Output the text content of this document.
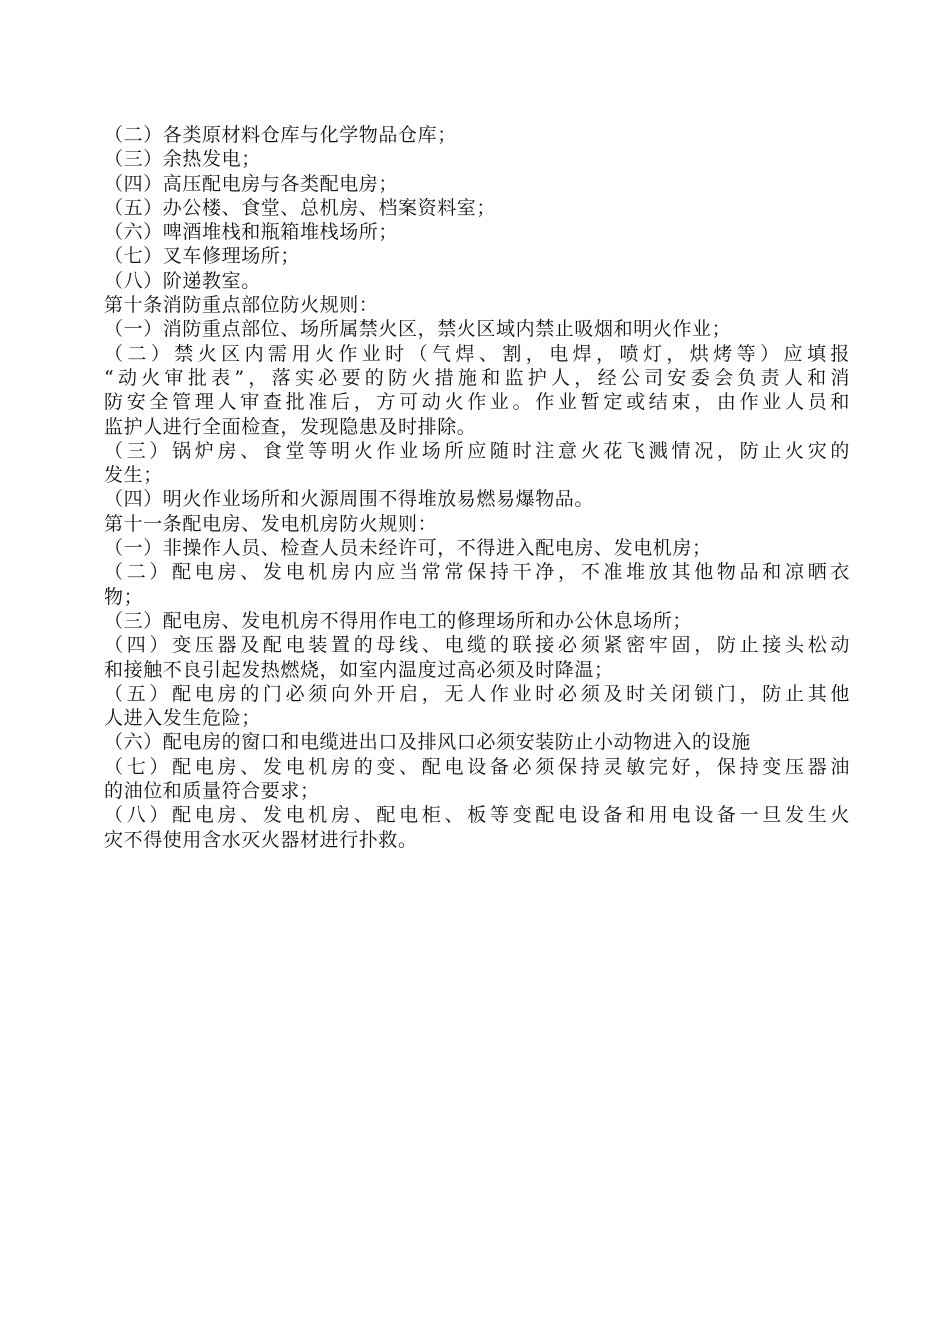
（二）各类原材料仓库与化学物品仓库；
（三）余热发电；
（四）高压配电房与各类配电房；
（五）办公楼、食堂、总机房、档案资料室；
（六）啤酒堆栈和瓶箱堆栈场所；
（七）叉车修理场所；
（八）阶递教室。
第十条消防重点部位防火规则：
（一）消防重点部位、场所属禁火区，禁火区域内禁止吸烟和明火作业；
（二）禁火区内需用火作业时（气焊、割，电焊，喷灯，烘烤等）应填报
“动火审批表”，落实必要的防火措施和监护人，经公司安委会负责人和消
防安全管理人审查批准后，方可动火作业。作业暂定或结束，由作业人员和
监护人进行全面检查，发现隐患及时排除。
（三）锅炉房、食堂等明火作业场所应随时注意火花飞溅情况，防止火灾的
发生；
（四）明火作业场所和火源周围不得堆放易燃易爆物品。
第十一条配电房、发电机房防火规则：
（一）非操作人员、检查人员未经许可，不得进入配电房、发电机房；
（二）配电房、发电机房内应当常常保持干净，不准堆放其他物品和凉晒衣
物；
（三）配电房、发电机房不得用作电工的修理场所和办公休息场所；
（四）变压器及配电装置的母线、电缆的联接必须紧密牢固，防止接头松动
和接触不良引起发热燃烧，如室内温度过高必须及时降温；
（五）配电房的门必须向外开启，无人作业时必须及时关闭锁门，防止其他
人进入发生危险；
（六）配电房的窗口和电缆进出口及排风口必须安装防止小动物进入的设施
（七）配电房、发电机房的变、配电设备必须保持灵敏完好，保持变压器油
的油位和质量符合要求；
（八）配电房、发电机房、配电柜、板等变配电设备和用电设备一旦发生火
灾不得使用含水灭火器材进行扑救。
